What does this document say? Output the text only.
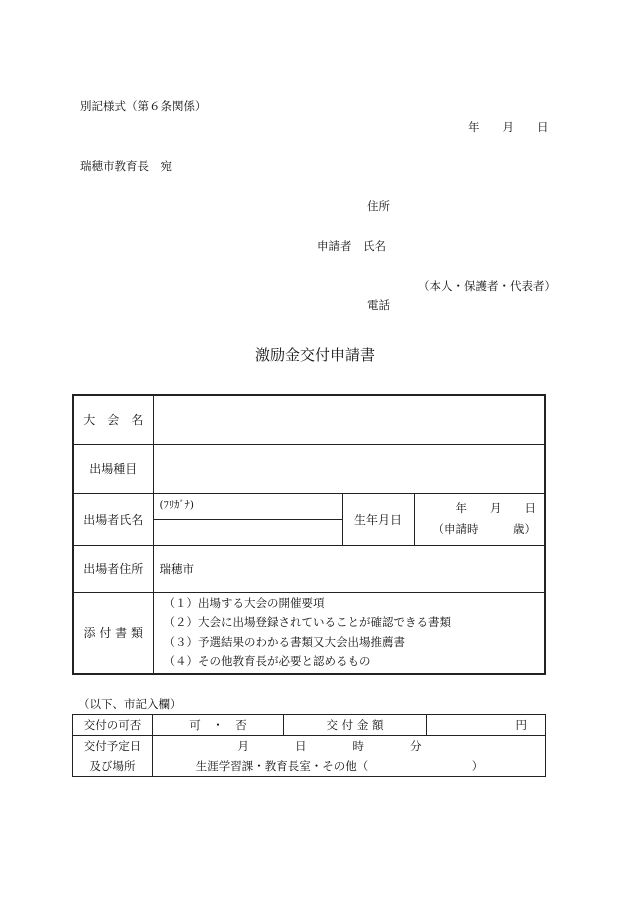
別記様式（第６条関係）
年　　月　　日
瑞穂市教育長　宛
住所
申請者　氏名
（本人・保護者・代表者）
電話
激励金交付申請書
大　会　名			
出場種目			
出場者氏名	(ﾌﾘｶﾞﾅ)	生年月日	年　　月　　日
（申請時　　　歳）

出場者住所	瑞穂市		
添 付 書 類	（１）出場する大会の開催要項
（２）大会に出場登録されていることが確認できる書類
（３）予選結果のわかる書類又大会出場推薦書
（４）その他教育長が必要と認めるもの		
（以下、市記入欄）
交付の可否	可　・　否	交 付 金 額	円
交付予定日	月　　　　日　　　　時　　　　分		
及び場所	生涯学習課・教育長室・その他（　　　　　　　　　）		
